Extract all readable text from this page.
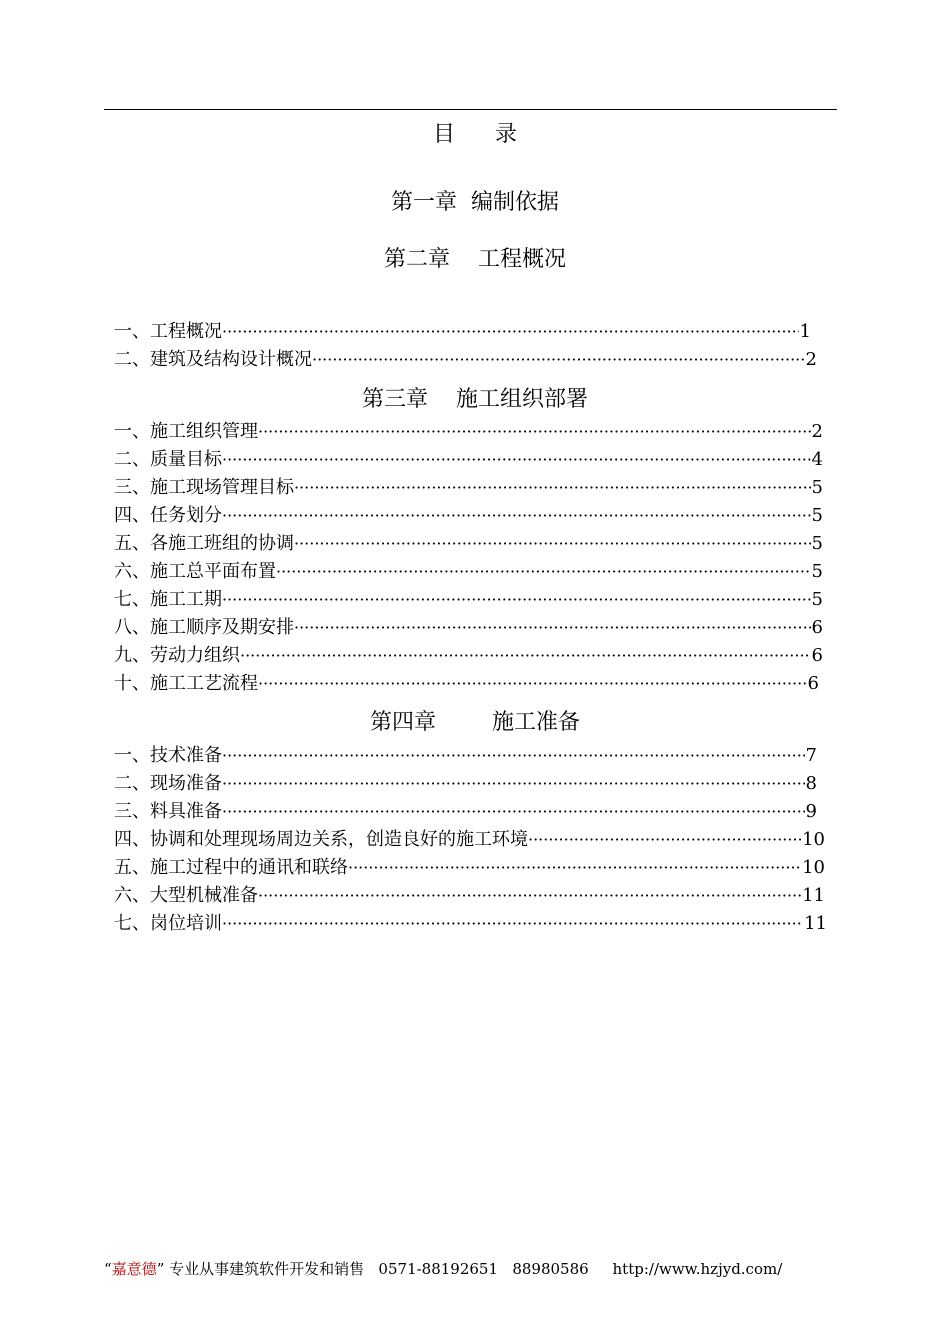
目录
第一章  编制依据
第二章    工程概况
一、工程概况 ·····	1
二、建筑及结构设计概况 ·····	2
第三章    施工组织部署
一、施工组织管理 ·····	2
二、质量目标 ·····	4
三、施工现场管理目标 ·····	5
四、任务划分 ·····	5
五、各施工班组的协调 ·····	5
六、施工总平面布置 ·····	5
七、施工工期 ·····	5
八、施工顺序及期安排 ·····	6
九、劳动力组织 ·····	6
十、施工工艺流程 ·····	6
第四章        施工准备
一、技术准备 ·····	7
二、现场准备 ·····	8
三、料具准备 ·····	9
四、协调和处理现场周边关系，创造良好的施工环境 ·····	10
五、施工过程中的通讯和联络 ·····	10
六、大型机械准备 ·····	11
七、岗位培训 ·····	11
“嘉意德” 专业从事建筑软件开发和销售   0571-88192651   88980586     http://www.hzjyd.com/
